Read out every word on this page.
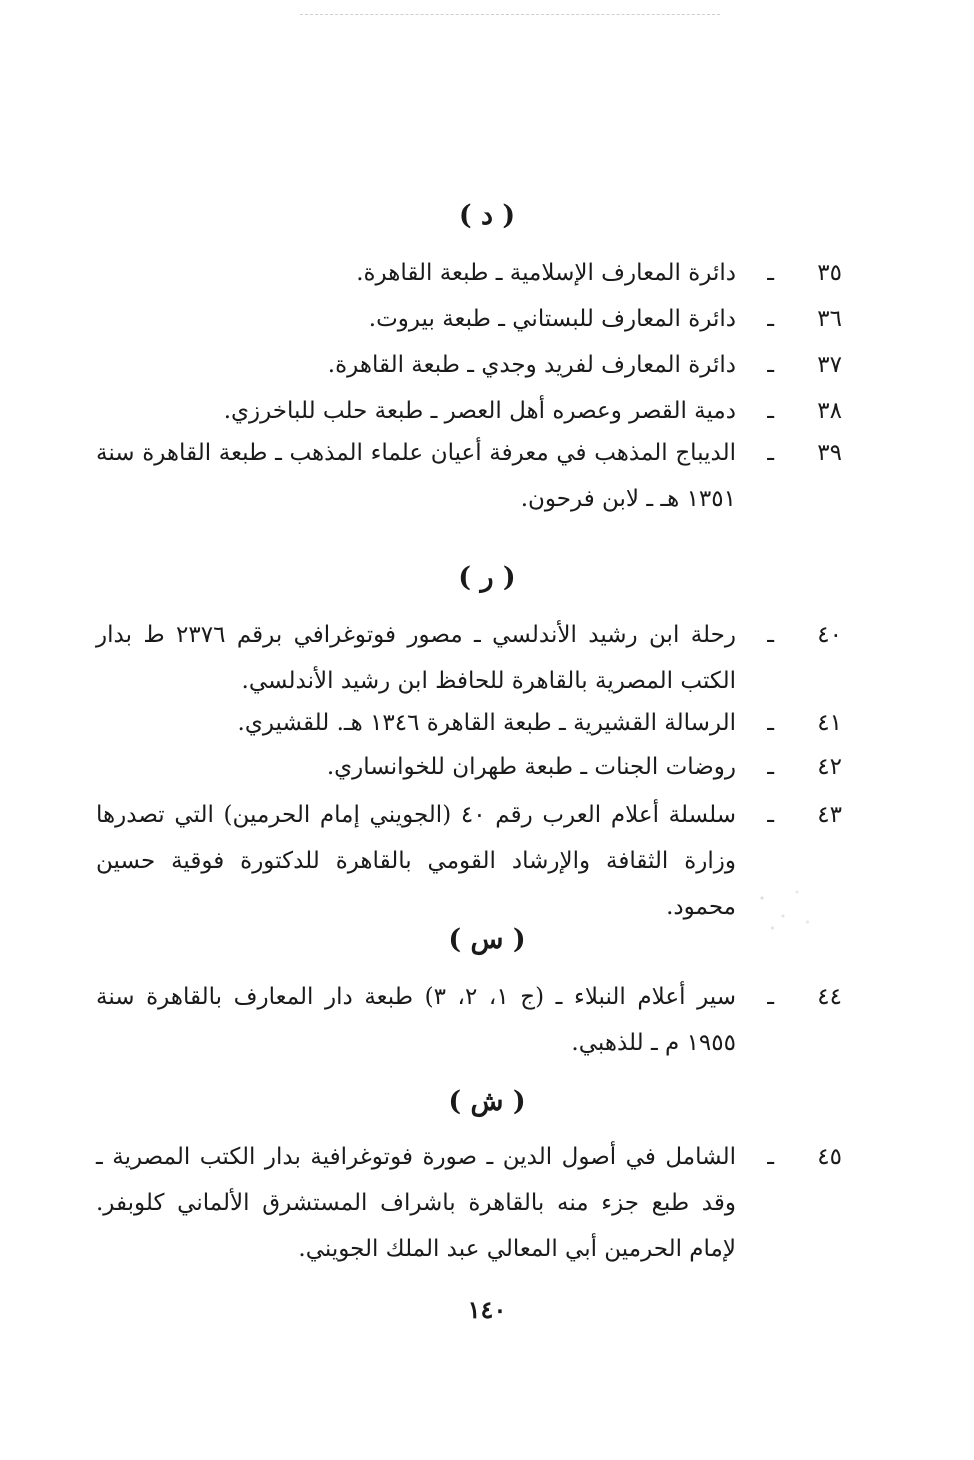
( د )
٣٥
ـ
دائرة المعارف الإسلامية ـ طبعة القاهرة.
٣٦
ـ
دائرة المعارف للبستاني ـ طبعة بيروت.
٣٧
ـ
دائرة المعارف لفريد وجدي ـ طبعة القاهرة.
٣٨
ـ
دمية القصر وعصره أهل العصر ـ طبعة حلب للباخرزي.
٣٩
ـ
الديباج المذهب في معرفة أعيان علماء المذهب ـ طبعة القاهرة سنة ١٣٥١ هـ ـ لابن فرحون.
( ر )
٤٠
ـ
رحلة ابن رشيد الأندلسي ـ مصور فوتوغرافي برقم ٢٣٧٦ ط بدار الكتب المصرية بالقاهرة للحافظ ابن رشيد الأندلسي.
٤١
ـ
الرسالة القشيرية ـ طبعة القاهرة ١٣٤٦ هـ. للقشيري.
٤٢
ـ
روضات الجنات ـ طبعة طهران للخوانساري.
٤٣
ـ
سلسلة أعلام العرب رقم ٤٠ (الجويني إمام الحرمين) التي تصدرها وزارة الثقافة والإرشاد القومي بالقاهرة للدكتورة فوقية حسين محمود.
( س )
٤٤
ـ
سير أعلام النبلاء ـ (ج ١، ٢، ٣) طبعة دار المعارف بالقاهرة سنة ١٩٥٥ م ـ للذهبي.
( ش )
٤٥
ـ
الشامل في أصول الدين ـ صورة فوتوغرافية بدار الكتب المصرية ـ وقد طبع جزء منه بالقاهرة باشراف المستشرق الألماني كلوبفر. لإمام الحرمين أبي المعالي عبد الملك الجويني.
١٤٠
